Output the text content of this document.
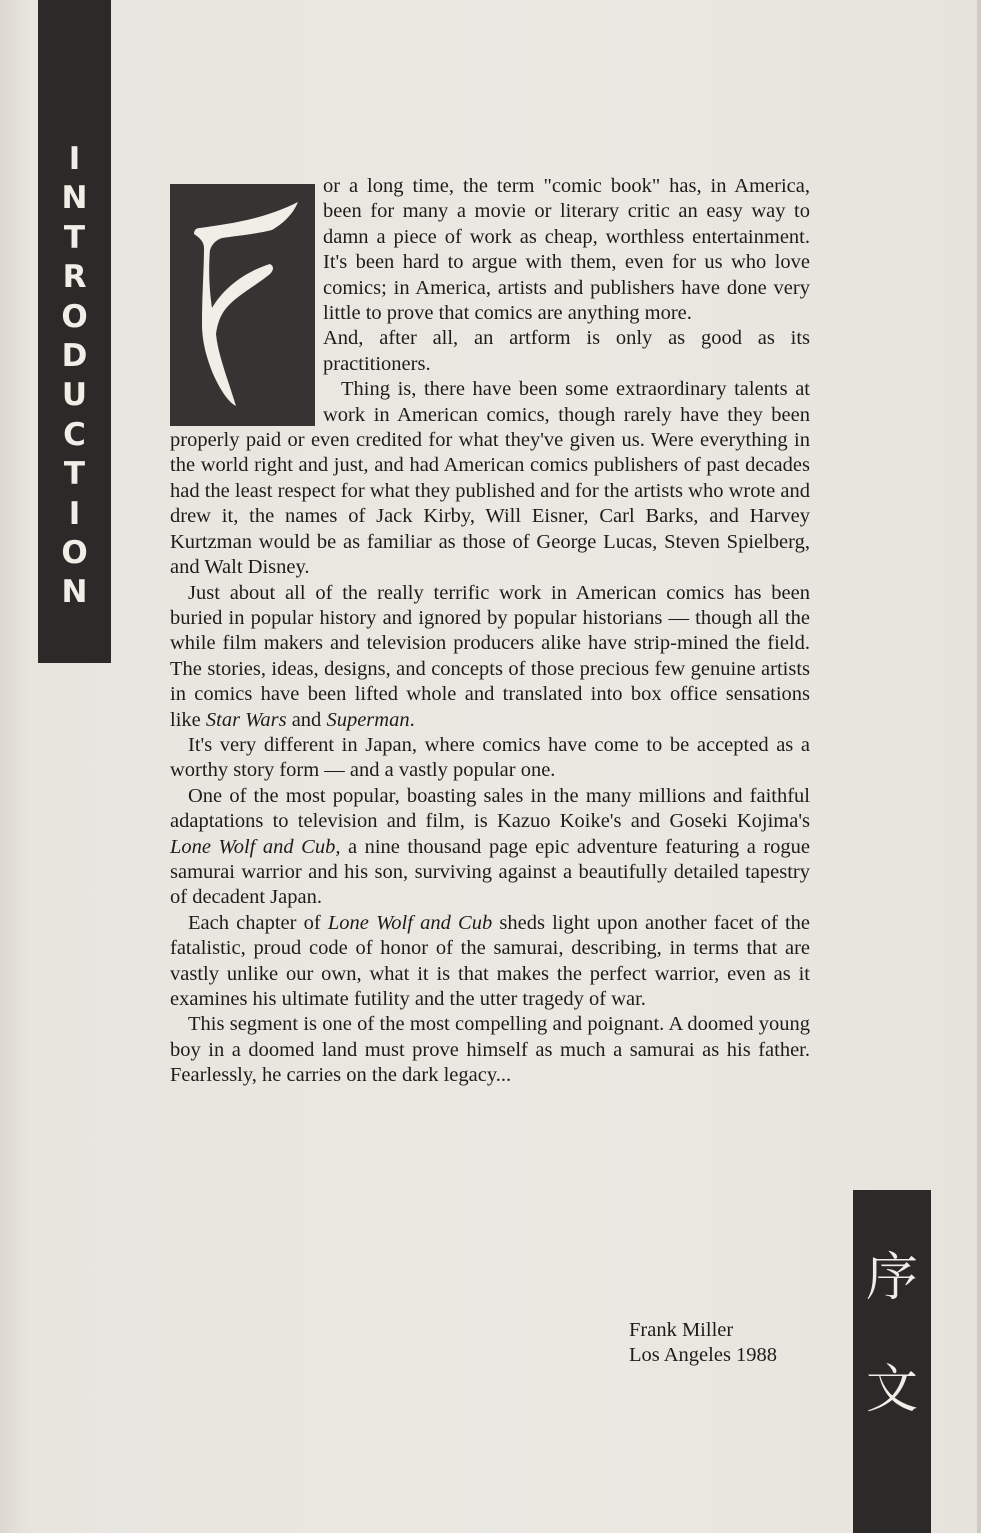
I
N
T
R
O
D
U
C
T
I
O
N
序
文

or a long time, the term "comic book" has, in America, been for many a movie or literary critic an easy way to damn a piece of work as cheap, worthless entertainment. It's been hard to argue with them, even for us who love comics; in America, artists and publishers have done very little to prove that comics are anything more.

And, after all, an artform is only as good as its practitioners.

Thing is, there have been some extraordinary talents at work in American comics, though rarely have they been properly paid or even credited for what they've given us. Were everything in the world right and just, and had American comics publishers of past decades had the least respect for what they published and for the artists who wrote and drew it, the names of Jack Kirby, Will Eisner, Carl Barks, and Harvey Kurtzman would be as familiar as those of George Lucas, Steven Spielberg, and Walt Disney.

Just about all of the really terrific work in American comics has been buried in popular history and ignored by popular historians — though all the while film makers and television producers alike have strip-mined the field. The stories, ideas, designs, and concepts of those precious few genuine artists in comics have been lifted whole and translated into box office sensations like Star Wars and Superman.

It's very different in Japan, where comics have come to be accepted as a worthy story form — and a vastly popular one.

One of the most popular, boasting sales in the many millions and faithful adaptations to television and film, is Kazuo Koike's and Goseki Kojima's Lone Wolf and Cub, a nine thousand page epic adventure featuring a rogue samurai warrior and his son, surviving against a beautifully detailed tapestry of decadent Japan.

Each chapter of Lone Wolf and Cub sheds light upon another facet of the fatalistic, proud code of honor of the samurai, describing, in terms that are vastly unlike our own, what it is that makes the perfect warrior, even as it examines his ultimate futility and the utter tragedy of war.

This segment is one of the most compelling and poignant. A doomed young boy in a doomed land must prove himself as much a samurai as his father. Fearlessly, he carries on the dark legacy...

Frank Miller
Los Angeles 1988
